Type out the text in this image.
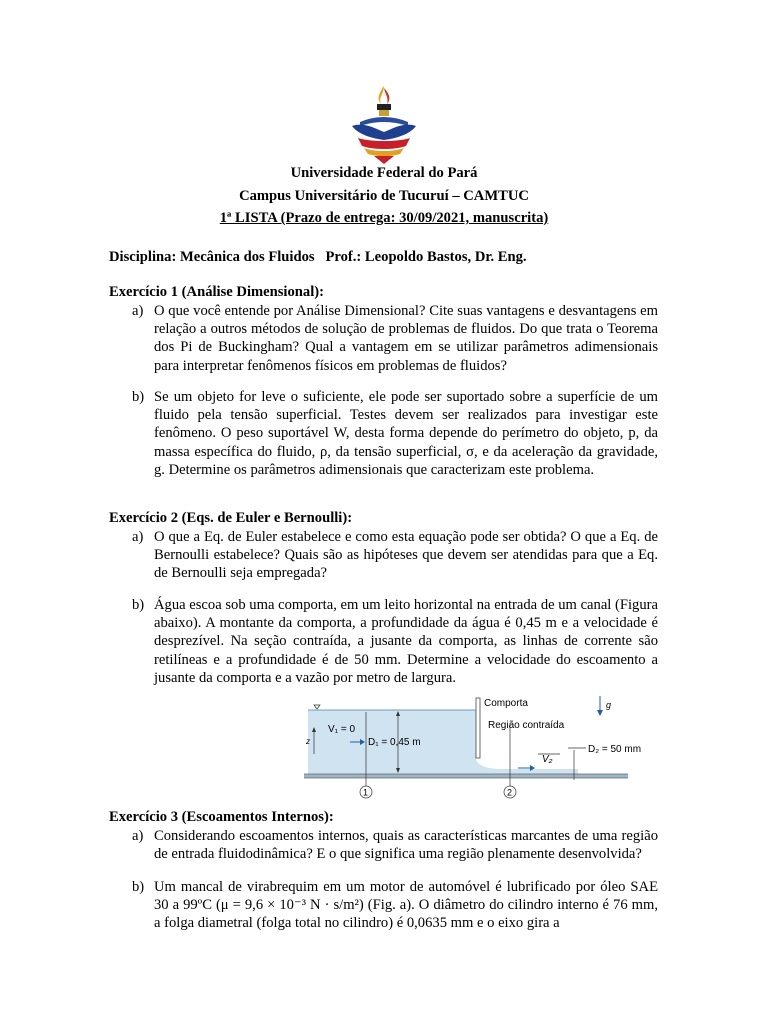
Universidade Federal do Pará
Campus Universitário de Tucuruí – CAMTUC
1ª LISTA (Prazo de entrega: 30/09/2021, manuscrita)
Disciplina: Mecânica dos Fluidos   Prof.: Leopoldo Bastos, Dr. Eng.
Exercício 1 (Análise Dimensional):
a) O que você entende por Análise Dimensional? Cite suas vantagens e desvantagens em relação a outros métodos de solução de problemas de fluidos. Do que trata o Teorema dos Pi de Buckingham? Qual a vantagem em se utilizar parâmetros adimensionais para interpretar fenômenos físicos em problemas de fluidos?
b) Se um objeto for leve o suficiente, ele pode ser suportado sobre a superfície de um fluido pela tensão superficial. Testes devem ser realizados para investigar este fenômeno. O peso suportável W, desta forma depende do perímetro do objeto, p, da massa específica do fluido, ρ, da tensão superficial, σ, e da aceleração da gravidade, g. Determine os parâmetros adimensionais que caracterizam este problema.
Exercício 2 (Eqs. de Euler e Bernoulli):
a) O que a Eq. de Euler estabelece e como esta equação pode ser obtida? O que a Eq. de Bernoulli estabelece? Quais são as hipóteses que devem ser atendidas para que a Eq. de Bernoulli seja empregada?
b) Água escoa sob uma comporta, em um leito horizontal na entrada de um canal (Figura abaixo). A montante da comporta, a profundidade da água é 0,45 m e a velocidade é desprezível. Na seção contraída, a jusante da comporta, as linhas de corrente são retilíneas e a profundidade é de 50 mm. Determine a velocidade do escoamento a jusante da comporta e a vazão por metro de largura.
z
V₁ = 0
D₁ = 0,45 m
1	2
Comporta
Região contraída
V₂
D₂ = 50 mm
g
Exercício 3 (Escoamentos Internos):
a) Considerando escoamentos internos, quais as características marcantes de uma região de entrada fluidodinâmica? E o que significa uma região plenamente desenvolvida?
b) Um mancal de virabrequim em um motor de automóvel é lubrificado por óleo SAE 30 a 99ºC (μ = 9,6 × 10⁻³ N · s/m²) (Fig. a). O diâmetro do cilindro interno é 76 mm, a folga diametral (folga total no cilindro) é 0,0635 mm e o eixo gira a
